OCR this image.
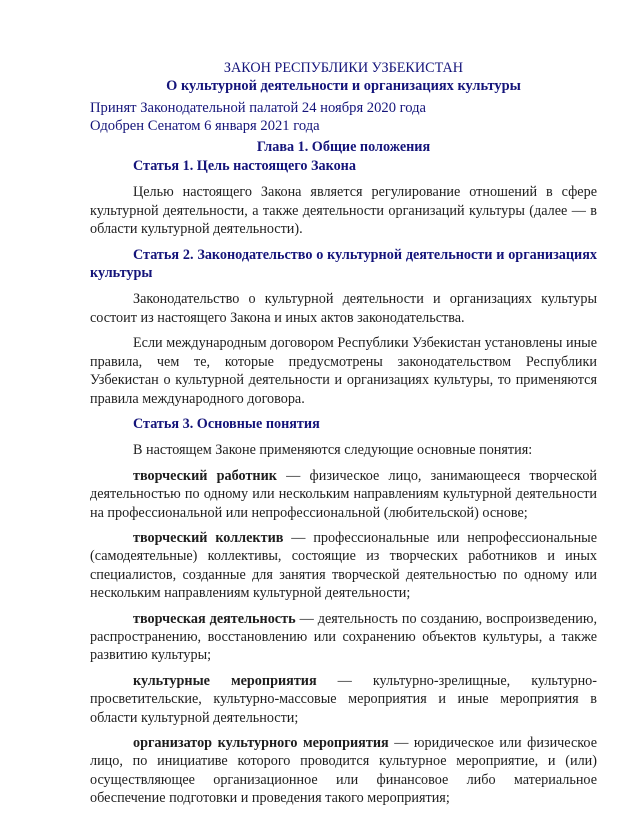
ЗАКОН РЕСПУБЛИКИ УЗБЕКИСТАН

О культурной деятельности и организациях культуры

Принят Законодательной палатой 24 ноября 2020 года

Одобрен Сенатом 6 января 2021 года

Глава 1. Общие положения

Статья 1. Цель настоящего Закона

Целью настоящего Закона является регулирование отношений в сфере культурной деятельности, а также деятельности организаций культуры (далее — в области культурной деятельности).

Статья 2. Законодательство о культурной деятельности и организациях культуры

Законодательство о культурной деятельности и организациях культуры состоит из настоящего Закона и иных актов законодательства.

Если международным договором Республики Узбекистан установлены иные правила, чем те, которые предусмотрены законодательством Республики Узбекистан о культурной деятельности и организациях культуры, то применяются правила международного договора.

Статья 3. Основные понятия

В настоящем Законе применяются следующие основные понятия:

творческий работник — физическое лицо, занимающееся творческой деятельностью по одному или нескольким направлениям культурной деятельности на профессиональной или непрофессиональной (любительской) основе;

творческий коллектив — профессиональные или непрофессиональные (самодеятельные) коллективы, состоящие из творческих работников и иных специалистов, созданные для занятия творческой деятельностью по одному или нескольким направлениям культурной деятельности;

творческая деятельность — деятельность по созданию, воспроизведению, распространению, восстановлению или сохранению объектов культуры, а также развитию культуры;

культурные мероприятия — культурно-зрелищные, культурно-просветительские, культурно-массовые мероприятия и иные мероприятия в области культурной деятельности;

организатор культурного мероприятия — юридическое или физическое лицо, по инициативе которого проводится культурное мероприятие, и (или) осуществляющее организационное или финансовое либо материальное обеспечение подготовки и проведения такого мероприятия;
